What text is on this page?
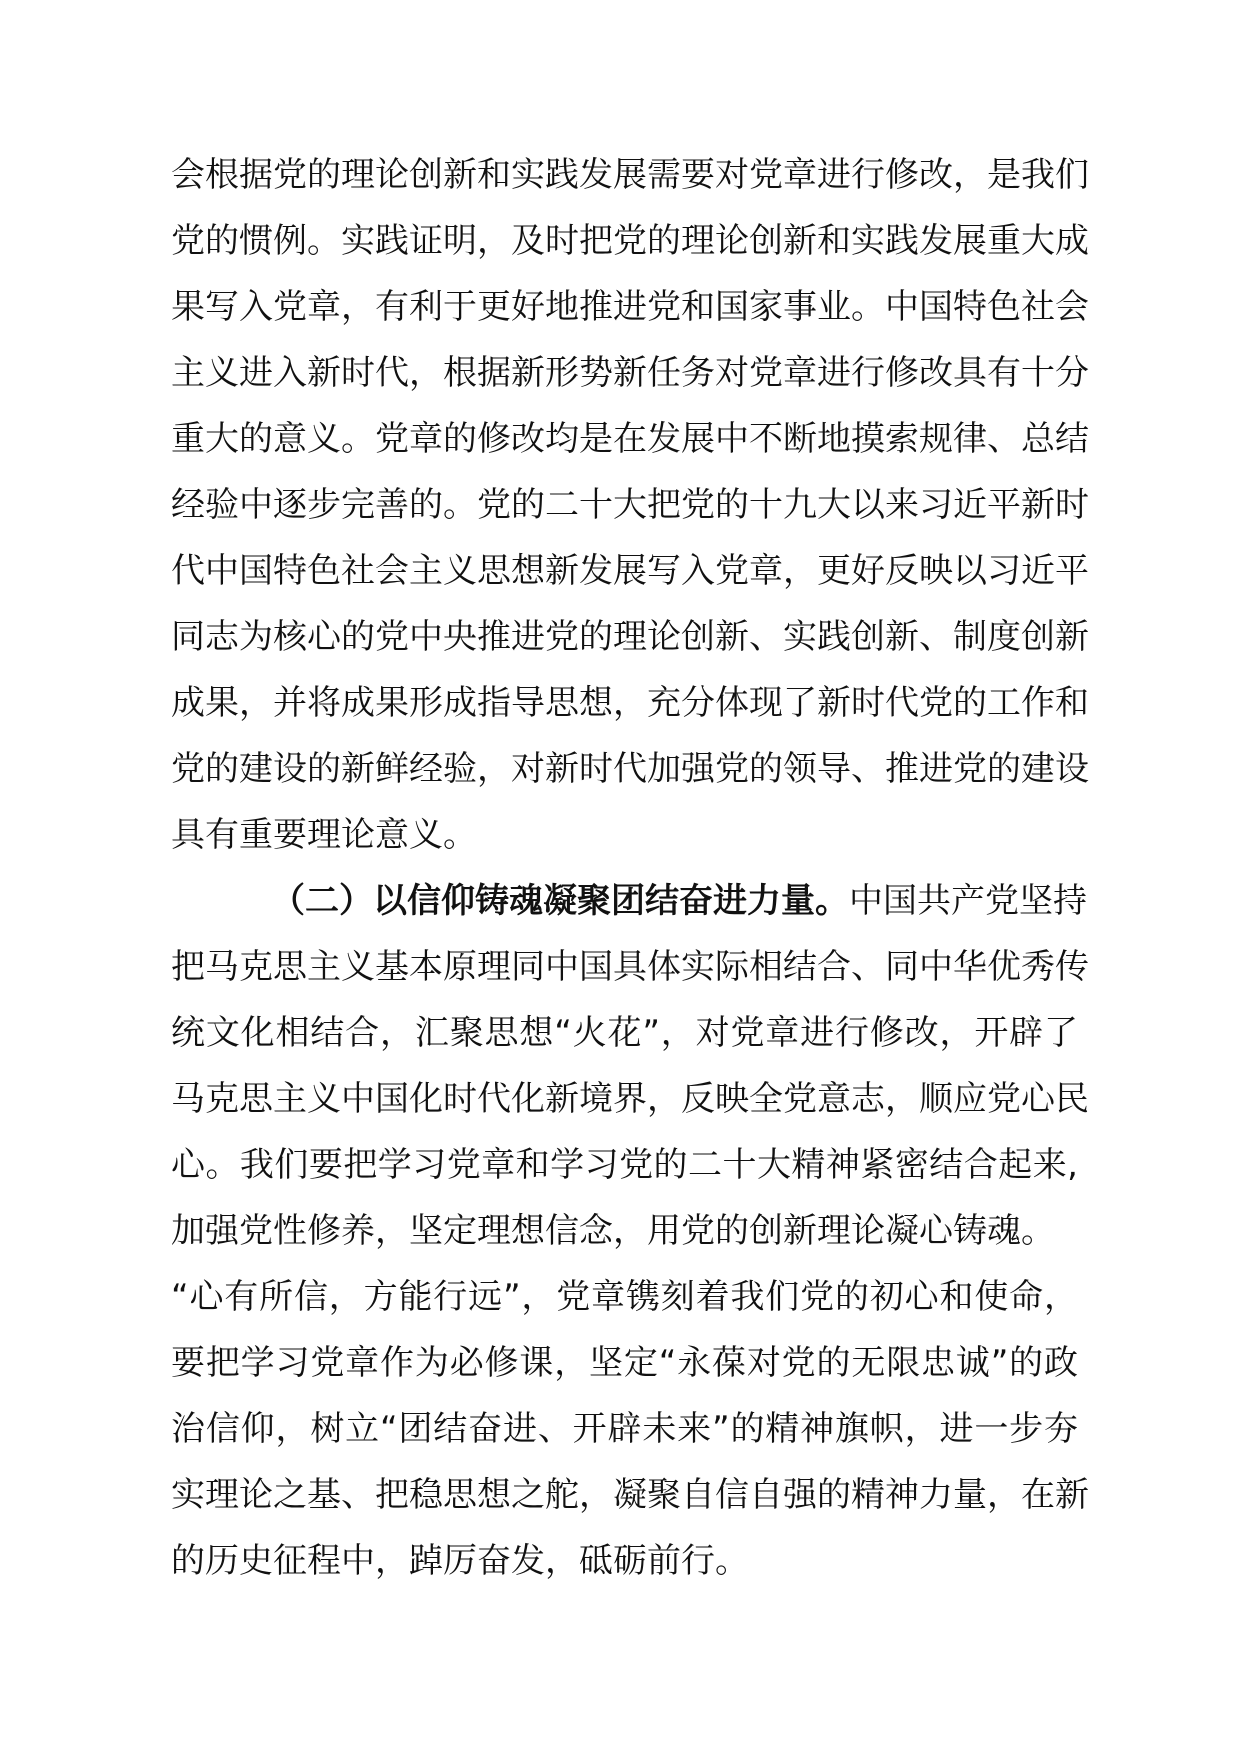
会根据党的理论创新和实践发展需要对党章进行修改，是我们
党的惯例。实践证明，及时把党的理论创新和实践发展重大成
果写入党章，有利于更好地推进党和国家事业。中国特色社会
主义进入新时代，根据新形势新任务对党章进行修改具有十分
重大的意义。党章的修改均是在发展中不断地摸索规律、总结
经验中逐步完善的。党的二十大把党的十九大以来习近平新时
代中国特色社会主义思想新发展写入党章，更好反映以习近平
同志为核心的党中央推进党的理论创新、实践创新、制度创新
成果，并将成果形成指导思想，充分体现了新时代党的工作和
党的建设的新鲜经验，对新时代加强党的领导、推进党的建设
具有重要理论意义。
（二）以信仰铸魂凝聚团结奋进力量。中国共产党坚持
把马克思主义基本原理同中国具体实际相结合、同中华优秀传
统文化相结合，汇聚思想“火花”，对党章进行修改，开辟了
马克思主义中国化时代化新境界，反映全党意志，顺应党心民
心。我们要把学习党章和学习党的二十大精神紧密结合起来,
加强党性修养，坚定理想信念，用党的创新理论凝心铸魂。
“心有所信，方能行远”，党章镌刻着我们党的初心和使命，
要把学习党章作为必修课，坚定“永葆对党的无限忠诚”的政
治信仰，树立“团结奋进、开辟未来”的精神旗帜，进一步夯
实理论之基、把稳思想之舵，凝聚自信自强的精神力量，在新
的历史征程中，踔厉奋发，砥砺前行。
